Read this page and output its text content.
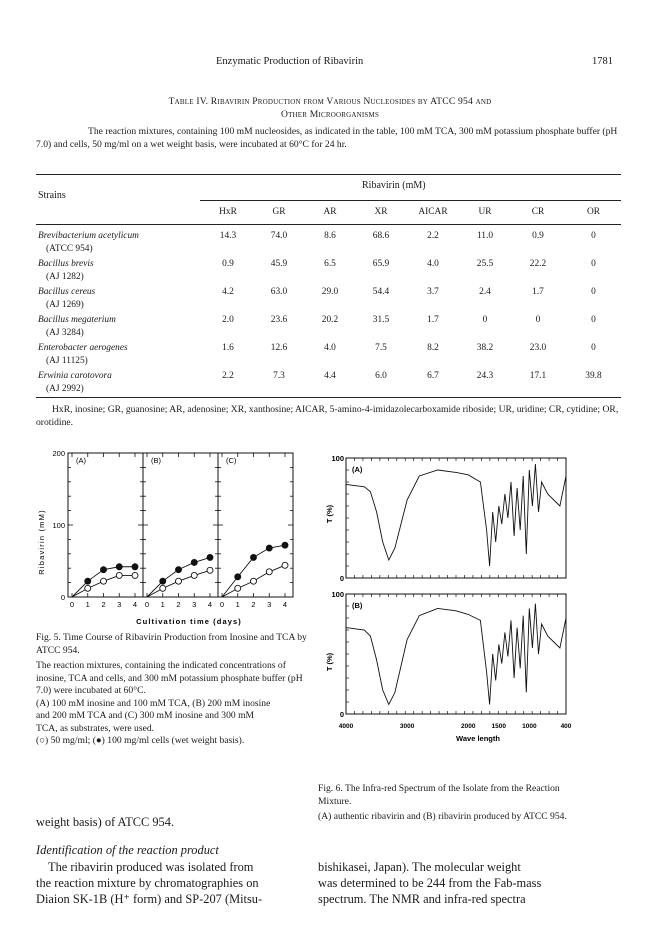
Enzymatic Production of Ribavirin	1781
Table IV. Ribavirin Production from Various Nucleosides by ATCC 954 and
Other Microorganisms
The reaction mixtures, containing 100 mM nucleosides, as indicated in the table, 100 mM TCA, 300 mM potassium phosphate buffer (pH 7.0) and cells, 50 mg/ml on a wet weight basis, were incubated at 60°C for 24 hr.
Strains
Ribavirin (mM)
	HxR	GR	AR	XR	AICAR	UR	CR	OR
Brevibacterium acetylicum
(ATCC 954)
14.3	74.0	8.6	68.6	2.2	11.0	0.9	0
Bacillus brevis
(AJ 1282)
0.9	45.9	6.5	65.9	4.0	25.5	22.2	0
Bacillus cereus
(AJ 1269)
4.2	63.0	29.0	54.4	3.7	2.4	1.7	0
Bacillus megaterium
(AJ 3284)
2.0	23.6	20.2	31.5	1.7	0	0	0
Enterobacter aerogenes
(AJ 11125)
1.6	12.6	4.0	7.5	8.2	38.2	23.0	0
Erwinia carotovora
(AJ 2992)
2.2	7.3	4.4	6.0	6.7	24.3	17.1	39.8
HxR, inosine; GR, guanosine; AR, adenosine; XR, xanthosine; AICAR, 5-amino-4-imidazolecarboxamide riboside; UR, uridine; CR, cytidine; OR, orotidine.
Ribavirin (mM)
Cultivation time (days)
0
100
200
0 1 2 3 4
(A)
0 1 2 3 4
(B)
0 1 2 3 4
(C)
Fig. 5. Time Course of Ribavirin Production from Inosine and TCA by ATCC 954.
The reaction mixtures, containing the indicated concentrations of inosine, TCA and cells, and 300 mM potassium phosphate buffer (pH 7.0) were incubated at 60°C.
(A) 100 mM inosine and 100 mM TCA, (B) 200 mM inosine
and 200 mM TCA and (C) 300 mM inosine and 300 mM
TCA, as substrates, were used.
(○) 50 mg/ml; (●) 100 mg/ml cells (wet weight basis).
T (%)
T (%)
Wave length
0
100
(A)
0
100
(B)
4000	3000	2000 1500 1000	400
Fig. 6. The Infra-red Spectrum of the Isolate from the Reaction Mixture.
(A) authentic ribavirin and (B) ribavirin produced by ATCC 954.
weight basis) of ATCC 954.
Identification of the reaction product
The ribavirin produced was isolated from
the reaction mixture by chromatographies on
Diaion SK-1B (H⁺ form) and SP-207 (Mitsu-
bishikasei, Japan). The molecular weight
was determined to be 244 from the Fab-mass
spectrum. The NMR and infra-red spectra
